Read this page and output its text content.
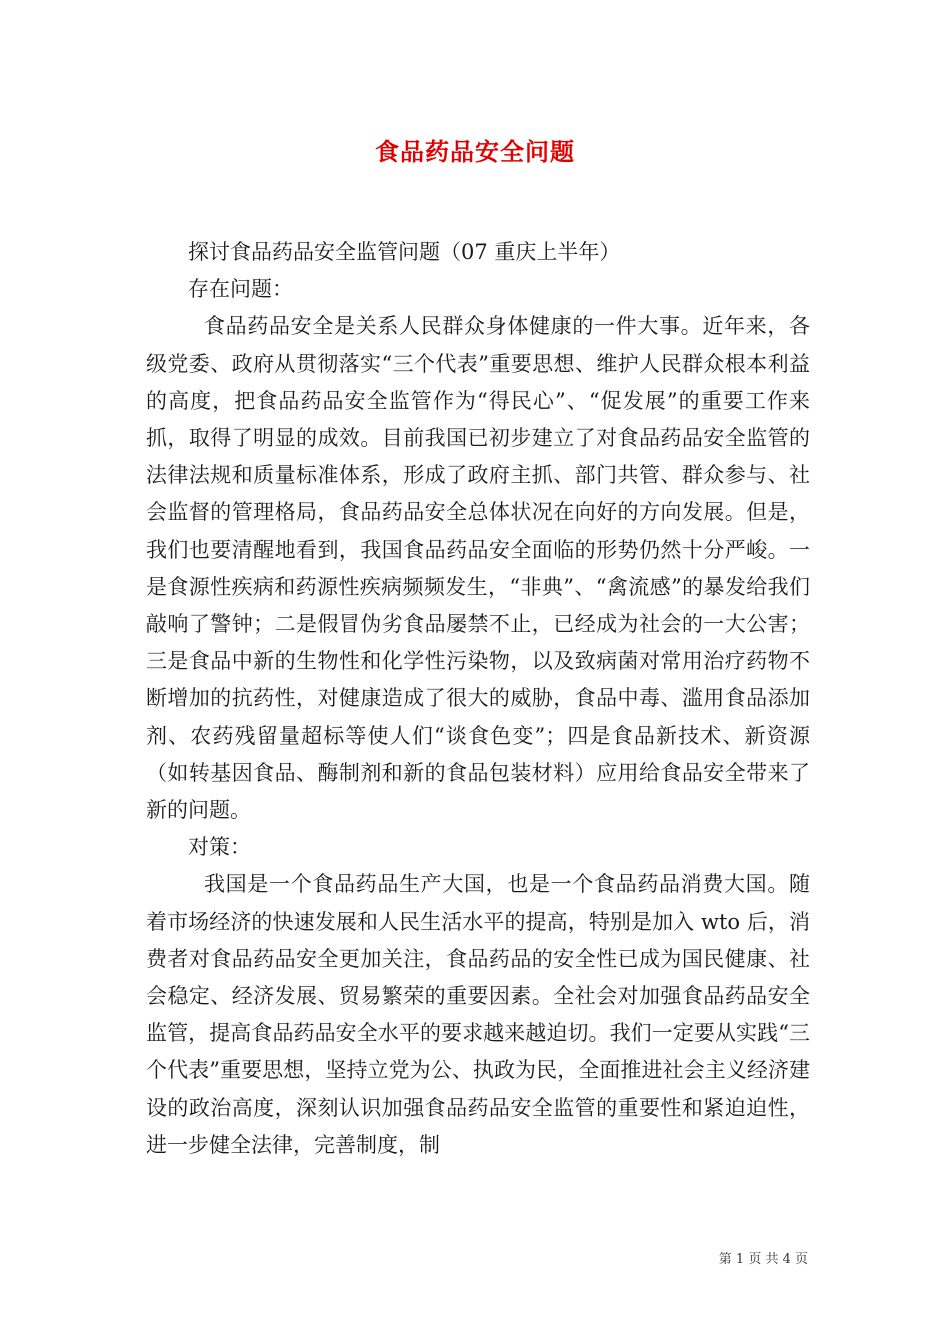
食品药品安全问题

探讨食品药品安全监管问题（07 重庆上半年）

存在问题：

食品药品安全是关系人民群众身体健康的一件大事。近年来，各级党委、政府从贯彻落实“三个代表”重要思想、维护人民群众根本利益的高度，把食品药品安全监管作为“得民心”、“促发展”的重要工作来抓，取得了明显的成效。目前我国已初步建立了对食品药品安全监管的法律法规和质量标准体系，形成了政府主抓、部门共管、群众参与、社会监督的管理格局，食品药品安全总体状况在向好的方向发展。但是，我们也要清醒地看到，我国食品药品安全面临的形势仍然十分严峻。一是食源性疾病和药源性疾病频频发生，“非典”、“禽流感”的暴发给我们敲响了警钟；二是假冒伪劣食品屡禁不止，已经成为社会的一大公害；三是食品中新的生物性和化学性污染物，以及致病菌对常用治疗药物不断增加的抗药性，对健康造成了很大的威胁，食品中毒、滥用食品添加剂、农药残留量超标等使人们“谈食色变”；四是食品新技术、新资源（如转基因食品、酶制剂和新的食品包装材料）应用给食品安全带来了新的问题。

对策：

我国是一个食品药品生产大国，也是一个食品药品消费大国。随着市场经济的快速发展和人民生活水平的提高，特别是加入 wto 后，消费者对食品药品安全更加关注，食品药品的安全性已成为国民健康、社会稳定、经济发展、贸易繁荣的重要因素。全社会对加强食品药品安全监管，提高食品药品安全水平的要求越来越迫切。我们一定要从实践“三个代表”重要思想，坚持立党为公、执政为民，全面推进社会主义经济建设的政治高度，深刻认识加强食品药品安全监管的重要性和紧迫迫性，进一步健全法律，完善制度，制

第 1 页 共 4 页
